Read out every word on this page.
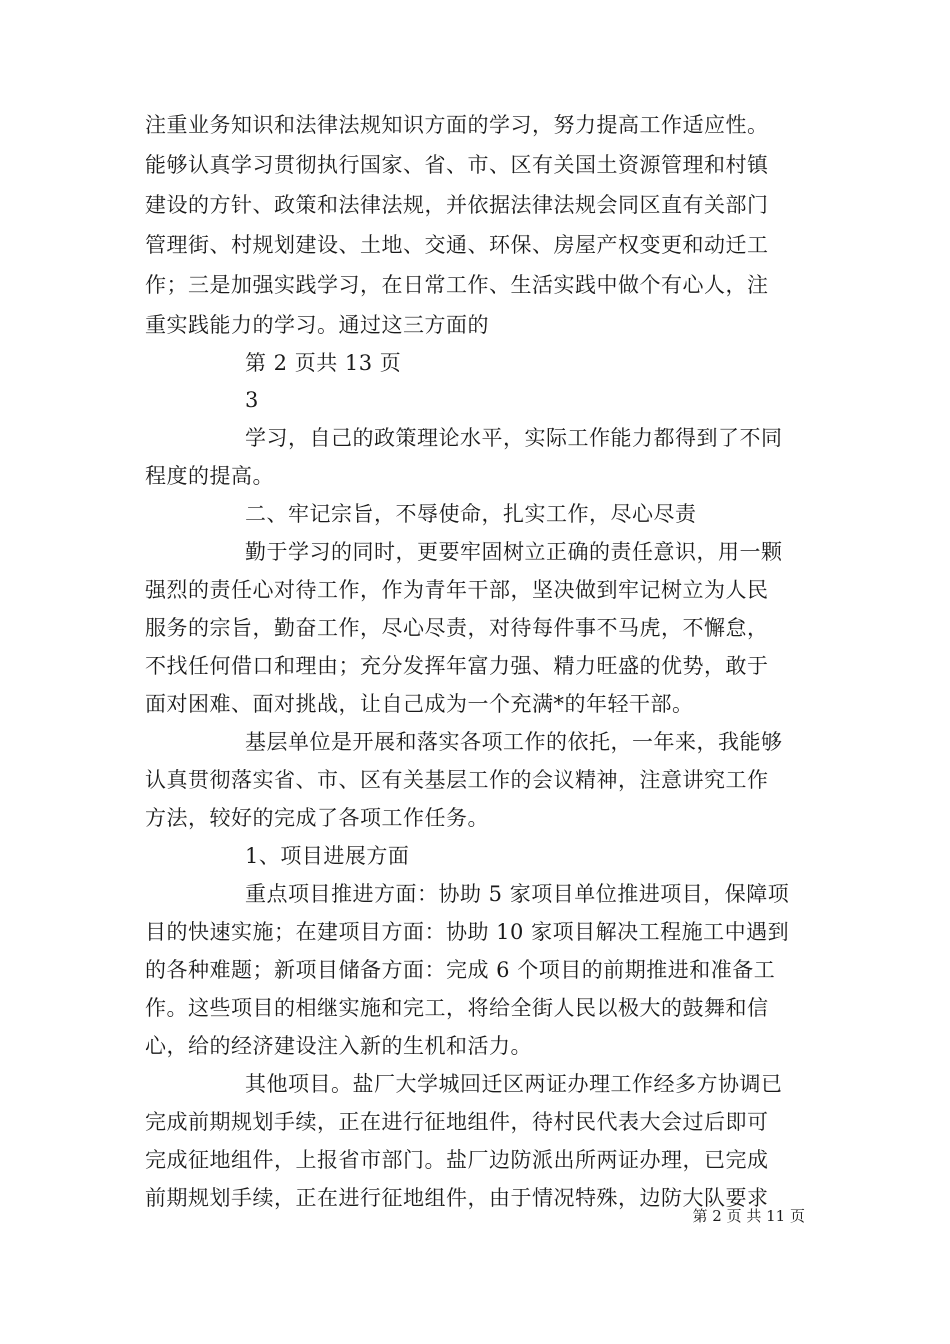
注重业务知识和法律法规知识方面的学习，努力提高工作适应性。
能够认真学习贯彻执行国家、省、市、区有关国土资源管理和村镇
建设的方针、政策和法律法规，并依据法律法规会同区直有关部门
管理街、村规划建设、土地、交通、环保、房屋产权变更和动迁工
作；三是加强实践学习，在日常工作、生活实践中做个有心人，注
重实践能力的学习。通过这三方面的
第 2 页共 13 页
3
学习，自己的政策理论水平，实际工作能力都得到了不同
程度的提高。
二、牢记宗旨，不辱使命，扎实工作，尽心尽责
勤于学习的同时，更要牢固树立正确的责任意识，用一颗
强烈的责任心对待工作，作为青年干部，坚决做到牢记树立为人民
服务的宗旨，勤奋工作，尽心尽责，对待每件事不马虎，不懈怠，
不找任何借口和理由；充分发挥年富力强、精力旺盛的优势，敢于
面对困难、面对挑战，让自己成为一个充满*的年轻干部。
基层单位是开展和落实各项工作的依托，一年来，我能够
认真贯彻落实省、市、区有关基层工作的会议精神，注意讲究工作
方法，较好的完成了各项工作任务。
1、项目进展方面
重点项目推进方面：协助 5 家项目单位推进项目，保障项
目的快速实施；在建项目方面：协助 10 家项目解决工程施工中遇到
的各种难题；新项目储备方面：完成 6 个项目的前期推进和准备工
作。这些项目的相继实施和完工，将给全街人民以极大的鼓舞和信
心，给的经济建设注入新的生机和活力。
其他项目。盐厂大学城回迁区两证办理工作经多方协调已
完成前期规划手续，正在进行征地组件，待村民代表大会过后即可
完成征地组件，上报省市部门。盐厂边防派出所两证办理，已完成
前期规划手续，正在进行征地组件，由于情况特殊，边防大队要求
第 2 页 共 11 页
